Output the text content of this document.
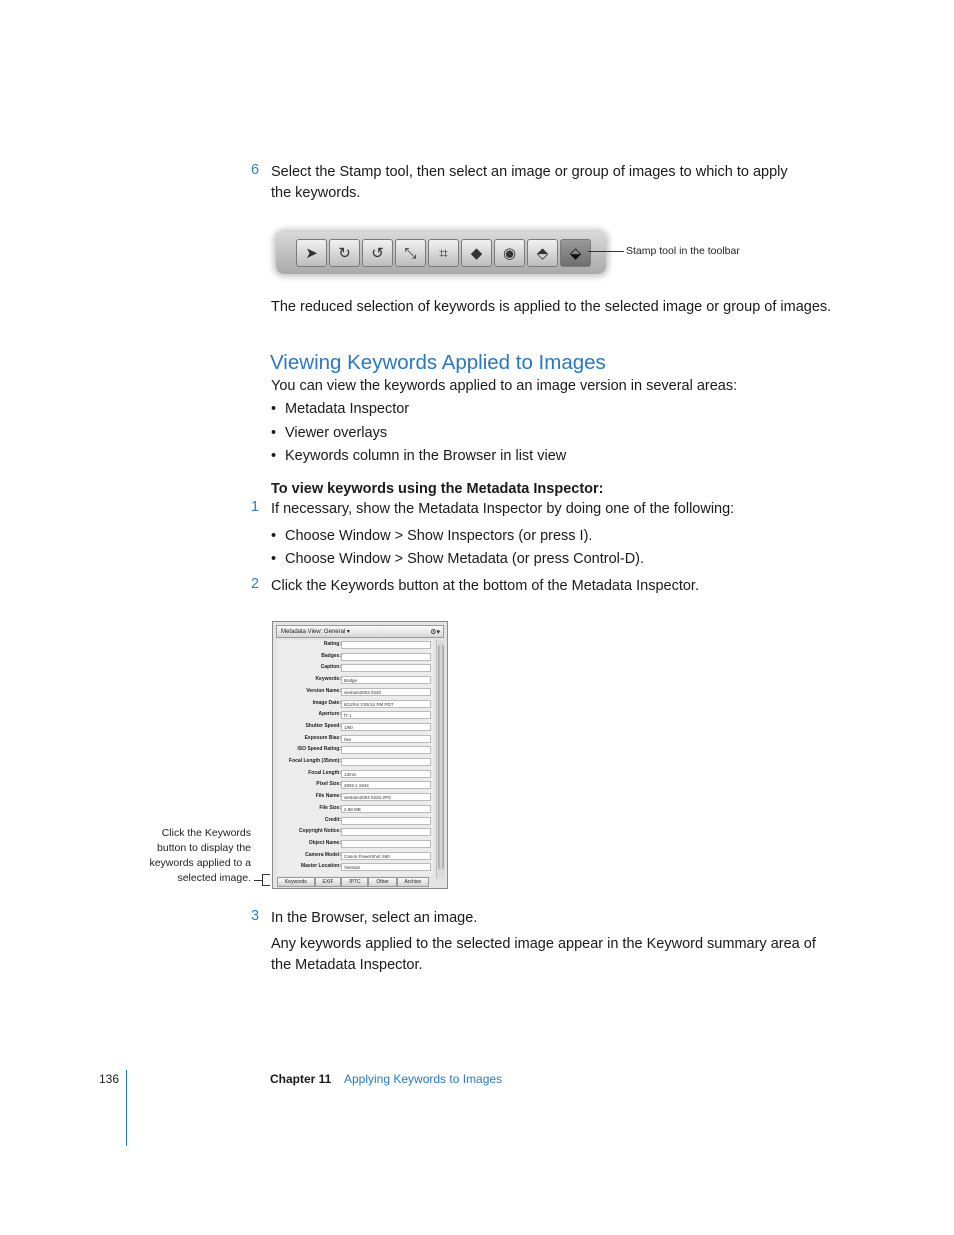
6 Select the Stamp tool, then select an image or group of images to which to apply
the keywords.
➤	↻	↺	⤡	⌗	◆	◉	⬘	⬙	Stamp tool in the toolbar
The reduced selection of keywords is applied to the selected image or group of images.
Viewing Keywords Applied to Images
You can view the keywords applied to an image version in several areas:
• Metadata Inspector
• Viewer overlays
• Keywords column in the Browser in list view
To view keywords using the Metadata Inspector:
1 If necessary, show the Metadata Inspector by doing one of the following:
• Choose Window > Show Inspectors (or press I).
• Choose Window > Show Metadata (or press Control-D).
2 Click the Keywords button at the bottom of the Metadata Inspector.
Metadata View: General ▾	⚙▾
Rating:
Badges:
Caption:
Keywords: Bridge
Version Name: vietnam2004 0220
Image Date: 8/12/04 3:55:51 PM PDT
Aperture: f7.1
Shutter Speed: 1/60
Exposure Bias: 0ev
ISO Speed Rating:
Focal Length (35mm):
Focal Length: 13mm
Pixel Size: 2592 x 1944
File Name: vietnam2004 0220.JPG
File Size: 2.88 MB
Credit:
Copyright Notice:
Object Name:
Camera Model: Canon PowerShot S60
Master Location: Vietnam
Keywords	EXIF	IPTC	Other	Archive
Click the Keywords
button to display the
keywords applied to a
selected image.
3 In the Browser, select an image.
Any keywords applied to the selected image appear in the Keyword summary area of
the Metadata Inspector.
136	Chapter 11 Applying Keywords to Images
